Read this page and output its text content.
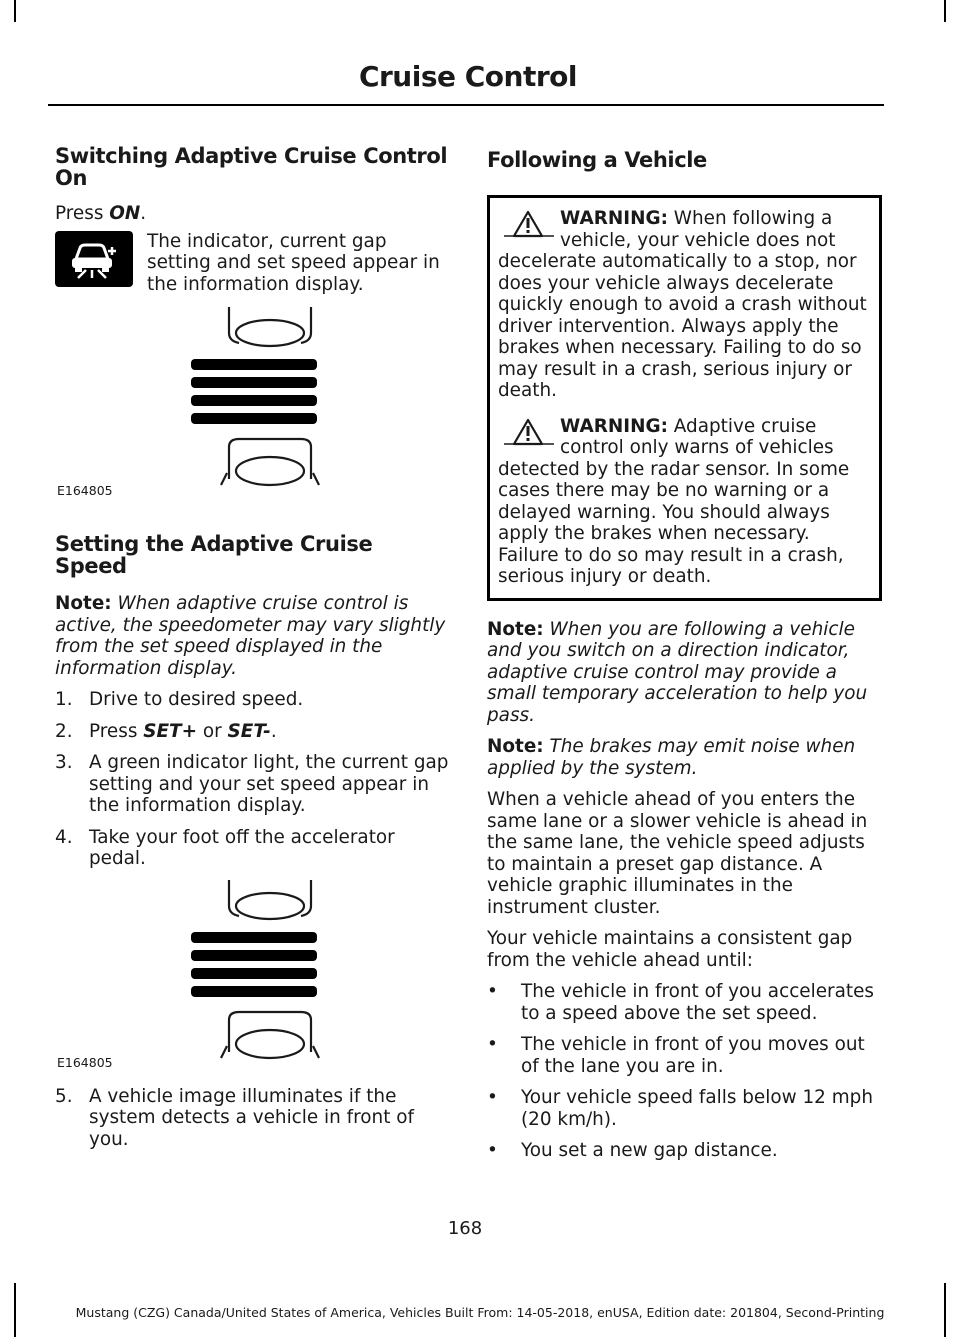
Cruise Control
Switching Adaptive Cruise Control On

Press ON.

The indicator, current gap setting and set speed appear in the information display.
E164805
Setting the Adaptive Cruise Speed

Note: When adaptive cruise control is active, the speedometer may vary slightly from the set speed displayed in the information display.

1. Drive to desired speed.
2. Press SET+ or SET-.
3. A green indicator light, the current gap setting and your set speed appear in the information display.
4. Take your foot off the accelerator pedal.
E164805
5. A vehicle image illuminates if the system detects a vehicle in front of you.
Following a Vehicle
WARNING: When following a vehicle, your vehicle does not decelerate automatically to a stop, nor does your vehicle always decelerate quickly enough to avoid a crash without driver intervention. Always apply the brakes when necessary. Failing to do so may result in a crash, serious injury or death.
WARNING: Adaptive cruise control only warns of vehicles detected by the radar sensor. In some cases there may be no warning or a delayed warning. You should always apply the brakes when necessary. Failure to do so may result in a crash, serious injury or death.

Note: When you are following a vehicle and you switch on a direction indicator, adaptive cruise control may provide a small temporary acceleration to help you pass.

Note: The brakes may emit noise when applied by the system.

When a vehicle ahead of you enters the same lane or a slower vehicle is ahead in the same lane, the vehicle speed adjusts to maintain a preset gap distance. A vehicle graphic illuminates in the instrument cluster.

Your vehicle maintains a consistent gap from the vehicle ahead until:

• The vehicle in front of you accelerates to a speed above the set speed.
• The vehicle in front of you moves out of the lane you are in.
• Your vehicle speed falls below 12 mph (20 km/h).
• You set a new gap distance.
168
Mustang (CZG) Canada/United States of America, Vehicles Built From: 14-05-2018, enUSA, Edition date: 201804, Second-Printing
